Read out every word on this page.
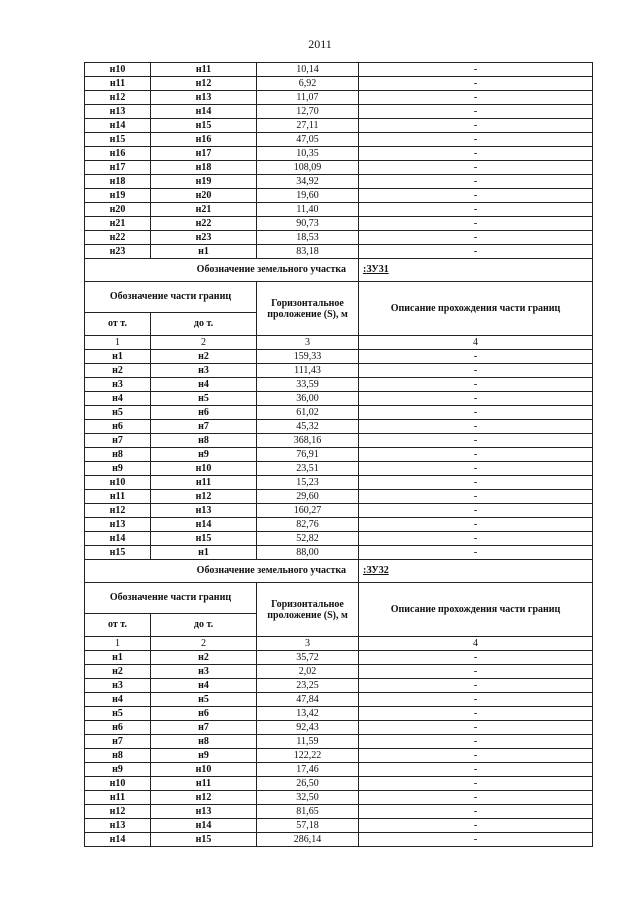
2011
н10	н11	10,14	-
н11	н12	6,92	-
н12	н13	11,07	-
н13	н14	12,70	-
н14	н15	27,11	-
н15	н16	47,05	-
н16	н17	10,35	-
н17	н18	108,09	-
н18	н19	34,92	-
н19	н20	19,60	-
н20	н21	11,40	-
н21	н22	90,73	-
н22	н23	18,53	-
н23	н1	83,18	-
Обозначение земельного участка			:ЗУ31
Обозначение части границ		Горизонтальное проложение (S), м	Описание прохождения части границ
от т.	до т.		
1	2	3	4
н1	н2	159,33	-
н2	н3	111,43	-
н3	н4	33,59	-
н4	н5	36,00	-
н5	н6	61,02	-
н6	н7	45,32	-
н7	н8	368,16	-
н8	н9	76,91	-
н9	н10	23,51	-
н10	н11	15,23	-
н11	н12	29,60	-
н12	н13	160,27	-
н13	н14	82,76	-
н14	н15	52,82	-
н15	н1	88,00	-
Обозначение земельного участка			:ЗУ32
Обозначение части границ		Горизонтальное проложение (S), м	Описание прохождения части границ
от т.	до т.		
1	2	3	4
н1	н2	35,72	-
н2	н3	2,02	-
н3	н4	23,25	-
н4	н5	47,84	-
н5	н6	13,42	-
н6	н7	92,43	-
н7	н8	11,59	-
н8	н9	122,22	-
н9	н10	17,46	-
н10	н11	26,50	-
н11	н12	32,50	-
н12	н13	81,65	-
н13	н14	57,18	-
н14	н15	286,14	-
